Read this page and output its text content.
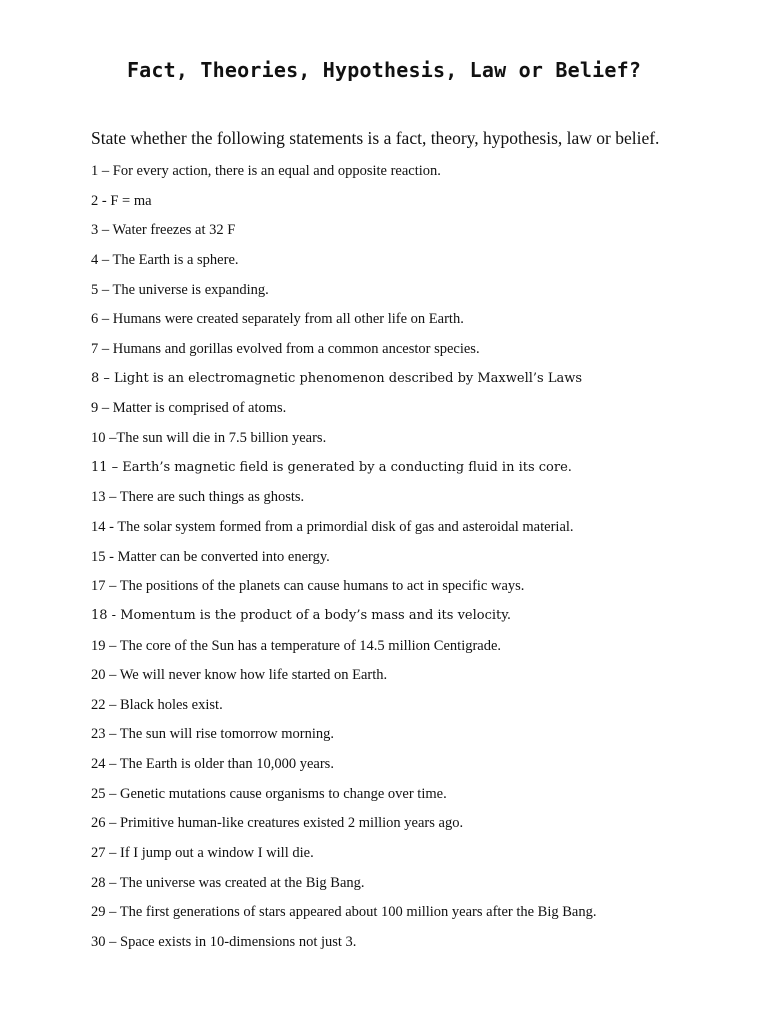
Fact, Theories, Hypothesis, Law or Belief?

State whether the following statements is a fact, theory, hypothesis, law or belief.

1 – For every action, there is an equal and opposite reaction.
2 - F = ma
3 – Water freezes at 32 F
4 – The Earth is a sphere.
5 – The universe is expanding.
6 – Humans were created separately from all other life on Earth.
7 – Humans and gorillas evolved from a common ancestor species.
8 – Light is an electromagnetic phenomenon described by Maxwell’s Laws
9 – Matter is comprised of atoms.
10 –The sun will die in 7.5 billion years.
11 – Earth’s magnetic field is generated by a conducting fluid in its core.
13 – There are such things as ghosts.
14 - The solar system formed from a primordial disk of gas and asteroidal material.
15 - Matter can be converted into energy.
17 – The positions of the planets can cause humans to act in specific ways.
18 - Momentum is the product of a body’s mass and its velocity.
19 – The core of the Sun has a temperature of 14.5 million Centigrade.
20 – We will never know how life started on Earth.
22 – Black holes exist.
23 – The sun will rise tomorrow morning.
24 – The Earth is older than 10,000 years.
25 – Genetic mutations cause organisms to change over time.
26 – Primitive human-like creatures existed 2 million years ago.
27 – If I jump out a window I will die.
28 – The universe was created at the Big Bang.
29 – The first generations of stars appeared about 100 million years after the Big Bang.
30 – Space exists in 10-dimensions not just 3.
